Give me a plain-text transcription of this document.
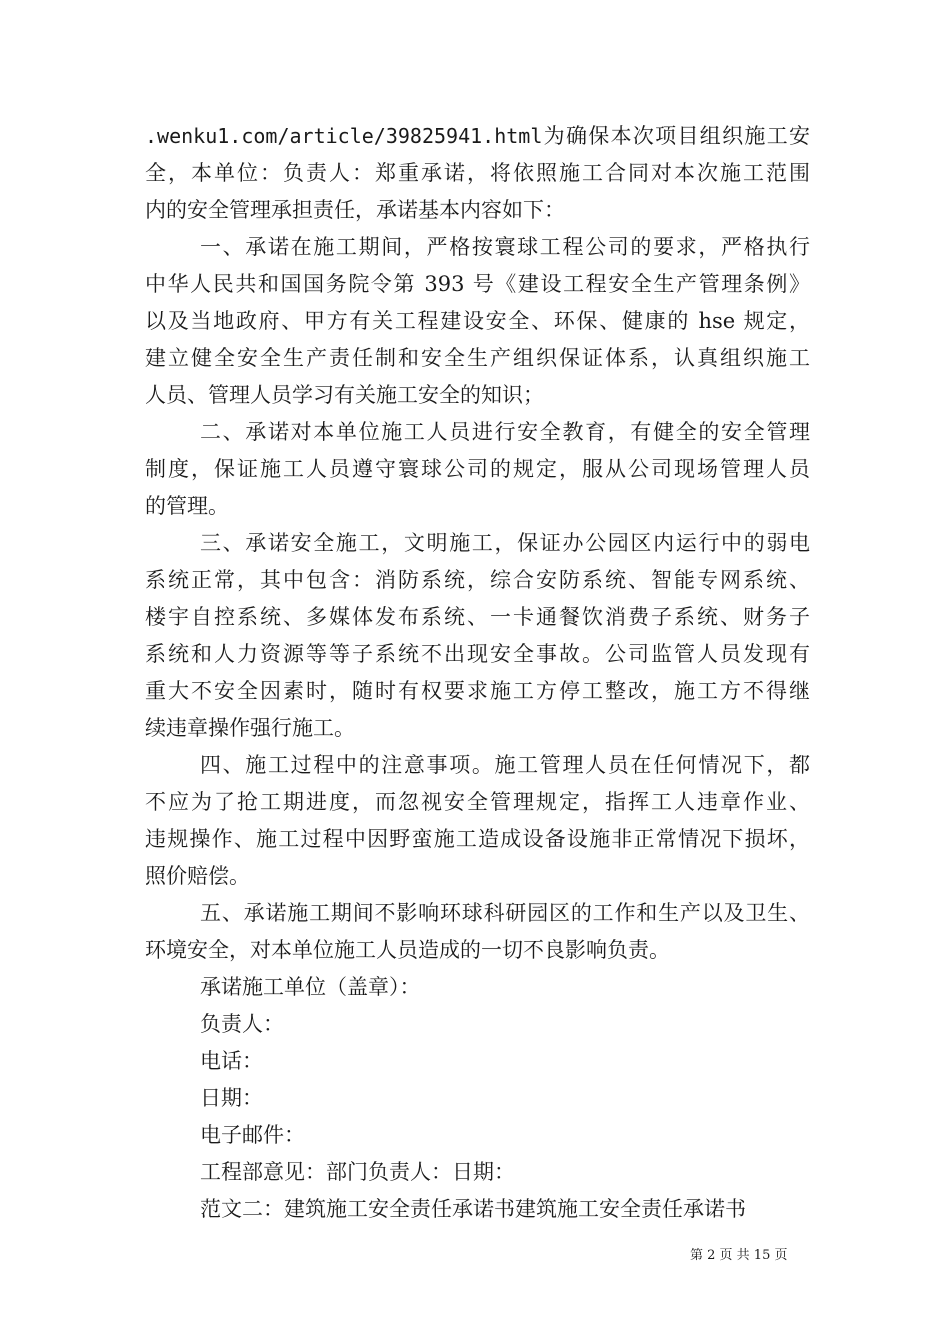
.wenku1.com/article/39825941.html为确保本次项目组织施工安
全，本单位：负责人：郑重承诺，将依照施工合同对本次施工范围
内的安全管理承担责任，承诺基本内容如下：
一、承诺在施工期间，严格按寰球工程公司的要求，严格执行
中华人民共和国国务院令第 393 号《建设工程安全生产管理条例》
以及当地政府、甲方有关工程建设安全、环保、健康的 hse 规定，
建立健全安全生产责任制和安全生产组织保证体系，认真组织施工
人员、管理人员学习有关施工安全的知识；
二、承诺对本单位施工人员进行安全教育，有健全的安全管理
制度，保证施工人员遵守寰球公司的规定，服从公司现场管理人员
的管理。
三、承诺安全施工，文明施工，保证办公园区内运行中的弱电
系统正常，其中包含：消防系统，综合安防系统、智能专网系统、
楼宇自控系统、多媒体发布系统、一卡通餐饮消费子系统、财务子
系统和人力资源等等子系统不出现安全事故。公司监管人员发现有
重大不安全因素时，随时有权要求施工方停工整改，施工方不得继
续违章操作强行施工。
四、施工过程中的注意事项。施工管理人员在任何情况下，都
不应为了抢工期进度，而忽视安全管理规定，指挥工人违章作业、
违规操作、施工过程中因野蛮施工造成设备设施非正常情况下损坏，
照价赔偿。
五、承诺施工期间不影响环球科研园区的工作和生产以及卫生、
环境安全，对本单位施工人员造成的一切不良影响负责。
承诺施工单位（盖章）：
负责人：
电话：
日期：
电子邮件：
工程部意见：部门负责人：日期：
范文二：建筑施工安全责任承诺书建筑施工安全责任承诺书
第 2 页 共 15 页
